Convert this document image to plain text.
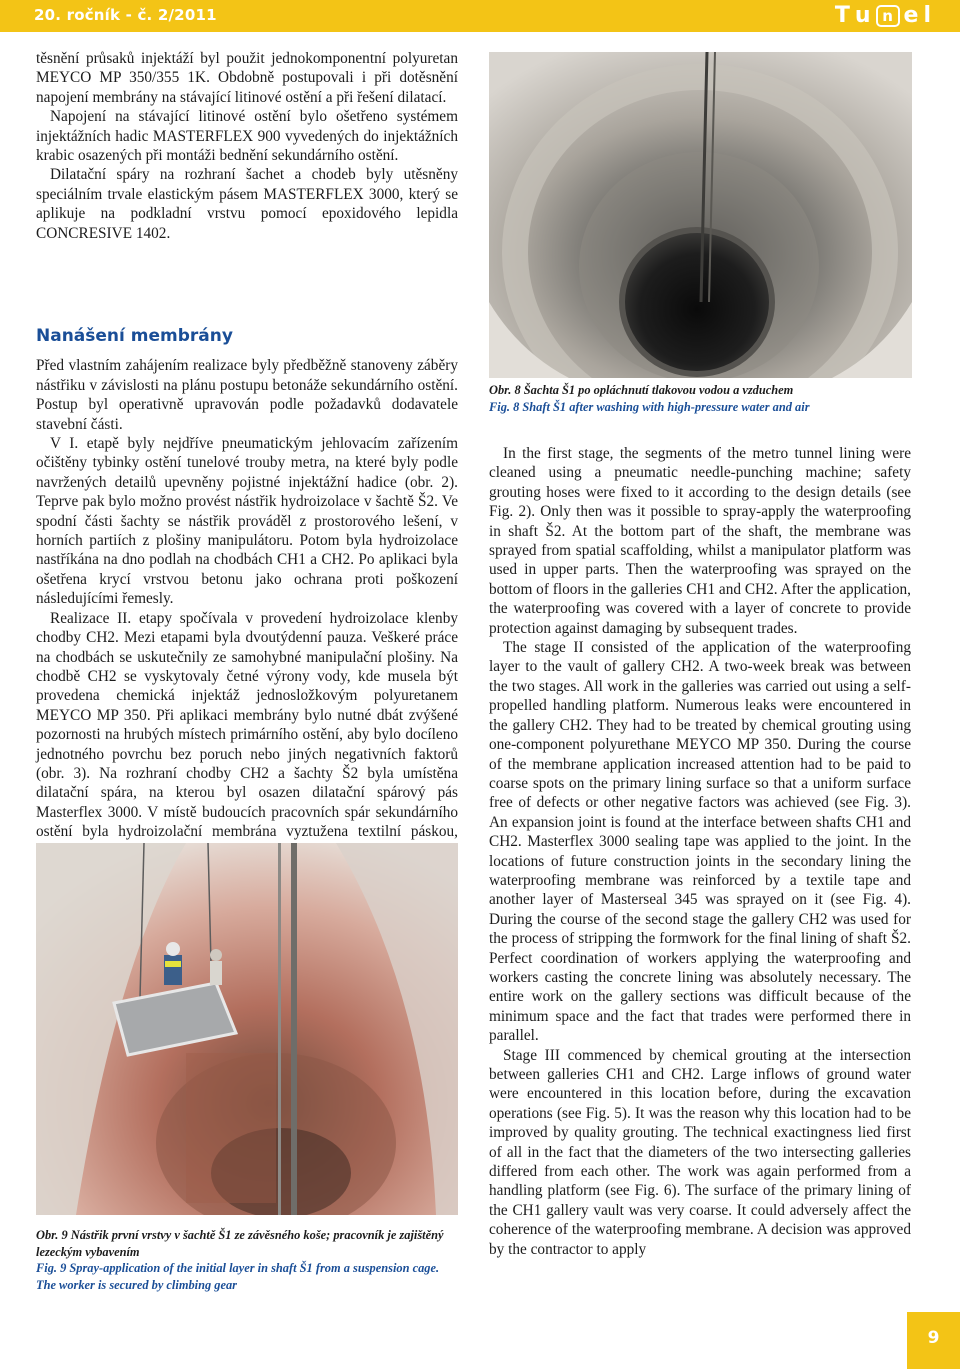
20. ročník - č. 2/2011	T u n el

těsnění průsaků injektáží byl použit jednokomponentní polyuretan MEYCO MP 350/355 1K. Obdobně postupovali i při dotěsnění napojení membrány na stávající litinové ostění a při řešení dilatací.

Napojení na stávající litinové ostění bylo ošetřeno systémem injektážních hadic MASTERFLEX 900 vyvedených do injektážních krabic osazených při montáži bednění sekundárního ostění.

Dilatační spáry na rozhraní šachet a chodeb byly utěsněny speciálním trvale elastickým pásem MASTERFLEX 3000, který se aplikuje na podkladní vrstvu pomocí epoxidového lepidla CONCRESIVE 1402.

Nanášení membrány

Před vlastním zahájením realizace byly předběžně stanoveny záběry nástřiku v závislosti na plánu postupu betonáže sekundárního ostění. Postup byl operativně upravován podle požadavků dodavatele stavební části.

V I. etapě byly nejdříve pneumatickým jehlovacím zařízením očištěny tybinky ostění tunelové trouby metra, na které byly podle navržených detailů upevněny pojistné injektážní hadice (obr. 2). Teprve pak bylo možno provést nástřik hydroizolace v šachtě Š2. Ve spodní části šachty se nástřik prováděl z prostorového lešení, v horních partiích z plošiny manipulátoru. Potom byla hydroizolace nastříkána na dno podlah na chodbách CH1 a CH2. Po aplikaci byla ošetřena krycí vrstvou betonu jako ochrana proti poškození následujícími řemesly.

Realizace II. etapy spočívala v provedení hydroizolace klenby chodby CH2. Mezi etapami byla dvoutýdenní pauza. Veškeré práce na chodbách se uskutečnily ze samohybné manipulační plošiny. Na chodbě CH2 se vyskytovaly četné výrony vody, kde musela být provedena chemická injektáž jednosložkovým polyuretanem MEYCO MP 350. Při aplikaci membrány bylo nutné dbát zvýšené pozornosti na hrubých místech primárního ostění, aby bylo docíleno jednotného povrchu bez poruch nebo jiných negativních faktorů (obr. 3). Na rozhraní chodby CH2 a šachty Š2 byla umístěna dilatační spára, na kterou byl osazen dilatační spárový pás Masterflex 3000. V místě budoucích pracovních spár sekundárního ostění byla hydroizolační membrána vyztužena textilní páskou,

Obr. 8 Šachta Š1 po opláchnutí tlakovou vodou a vzduchem
Fig. 8 Shaft Š1 after washing with high-pressure water and air

In the first stage, the segments of the metro tunnel lining were cleaned using a pneumatic needle-punching machine; safety grouting hoses were fixed to it according to the design details (see Fig. 2). Only then was it possible to spray-apply the waterproofing in shaft Š2. At the bottom part of the shaft, the membrane was sprayed from spatial scaffolding, whilst a manipulator platform was used in upper parts. Then the waterproofing was sprayed on the bottom of floors in the galleries CH1 and CH2. After the application, the waterproofing was covered with a layer of concrete to provide protection against damaging by subsequent trades.

The stage II consisted of the application of the waterproofing layer to the vault of gallery CH2. A two-week break was between the two stages. All work in the galleries was carried out using a self-propelled handling platform. Numerous leaks were encountered in the gallery CH2. They had to be treated by chemical grouting using one-component polyurethane MEYCO MP 350. During the course of the membrane application increased attention had to be paid to coarse spots on the primary lining surface so that a uniform surface free of defects or other negative factors was achieved (see Fig. 3). An expansion joint is found at the interface between shafts CH1 and CH2. Masterflex 3000 sealing tape was applied to the joint. In the locations of future construction joints in the secondary lining the waterproofing membrane was reinforced by a textile tape and another layer of Masterseal 345 was sprayed on it (see Fig. 4). During the course of the second stage the gallery CH2 was used for the process of stripping the formwork for the final lining of shaft Š2. Perfect coordination of workers applying the waterproofing and workers casting the concrete lining was absolutely necessary. The entire work on the gallery sections was difficult because of the minimum space and the fact that trades were performed there in parallel.

Stage III commenced by chemical grouting at the intersection between galleries CH1 and CH2. Large inflows of ground water were encountered in this location before, during the excavation operations (see Fig. 5). It was the reason why this location had to be improved by quality grouting. The technical exactingness lied first of all in the fact that the diameters of the two intersecting galleries differed from each other. The work was again performed from a handling platform (see Fig. 6). The surface of the primary lining of the CH1 gallery vault was very coarse. It could adversely affect the coherence of the waterproofing membrane. A decision was approved by the contractor to apply

Obr. 9 Nástřik první vrstvy v šachtě Š1 ze závěsného koše; pracovník je zajištěný lezeckým vybavením
Fig. 9 Spray-application of the initial layer in shaft Š1 from a suspension cage. The worker is secured by climbing gear
9
